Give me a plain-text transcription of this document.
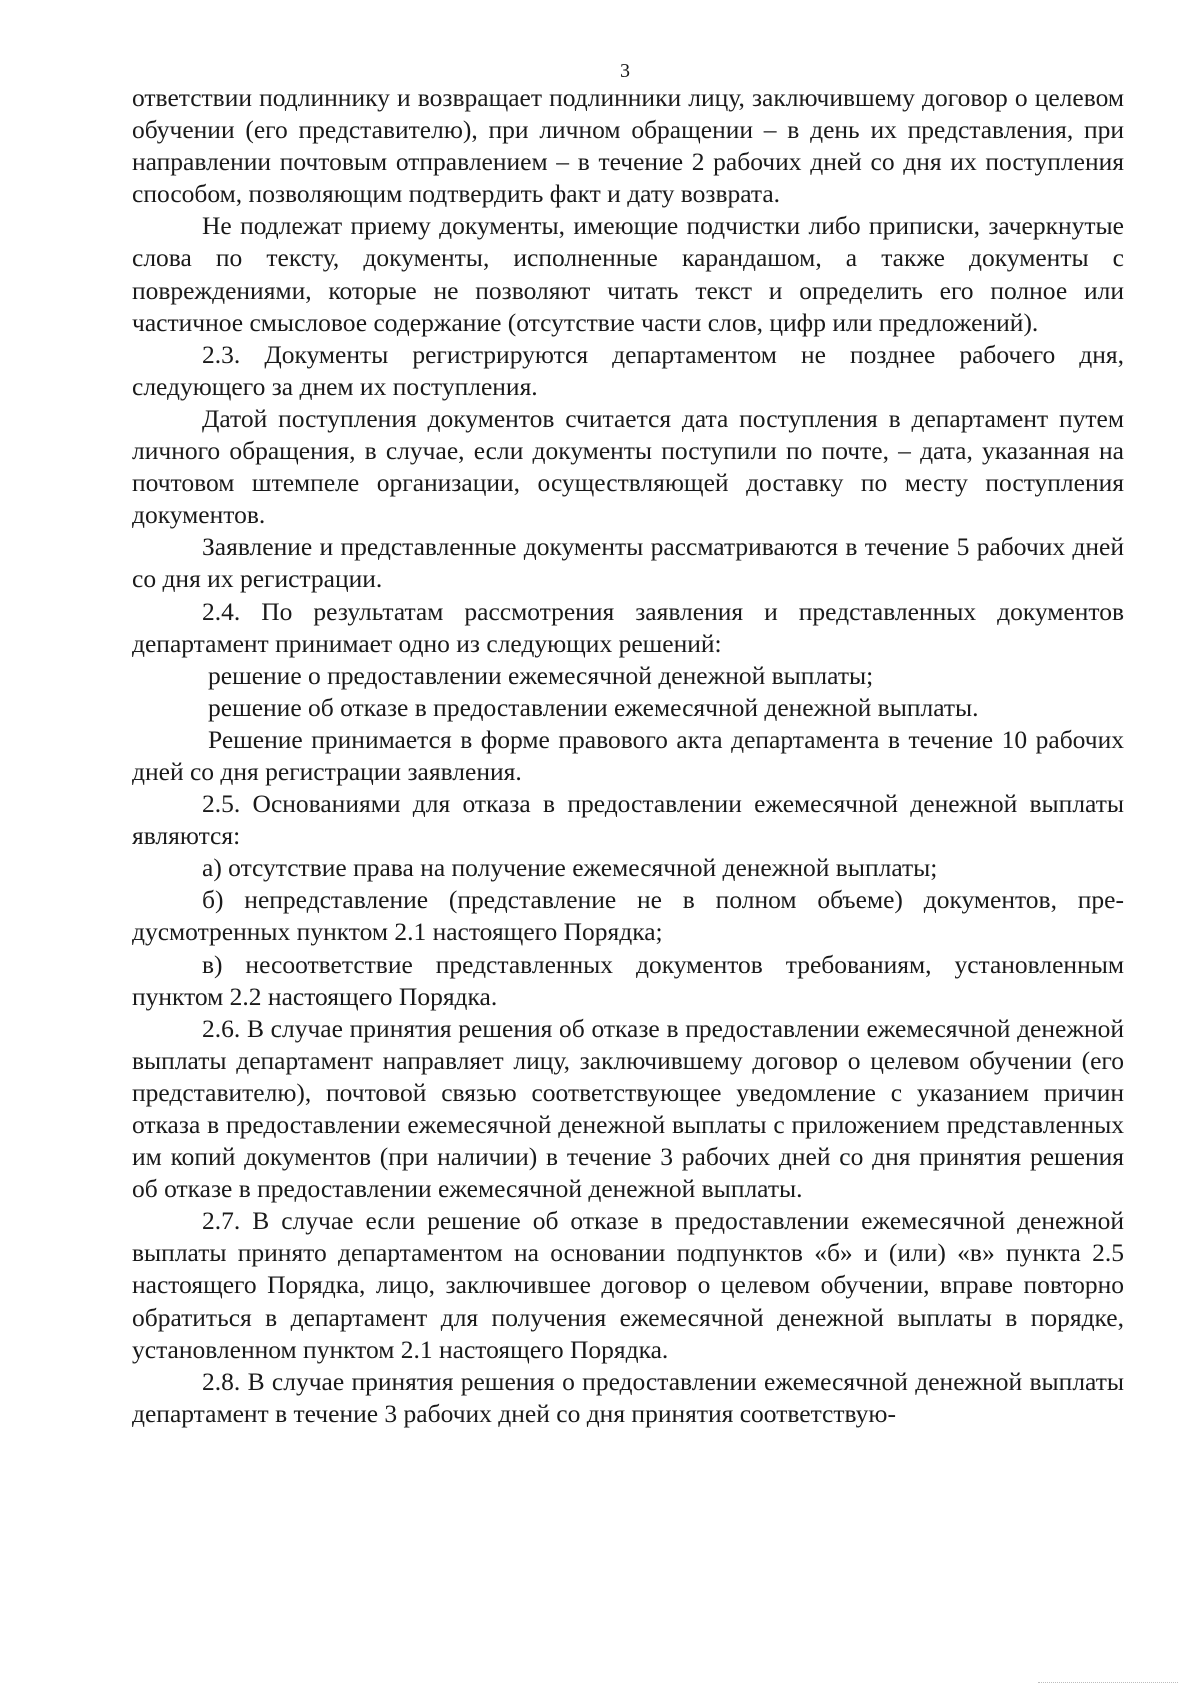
3

ответствии подлиннику и возвращает подлинники лицу, заключившему договор о целевом обучении (его представителю), при личном обращении – в день их представления, при направлении почтовым отправлением – в течение 2 рабочих дней со дня их поступления способом, позволяющим подтвердить факт и дату возврата.

Не подлежат приему документы, имеющие подчистки либо приписки, зачеркнутые слова по тексту, документы, исполненные карандашом, а также документы с повреждениями, которые не позволяют читать текст и определить его полное или частичное смысловое содержание (отсутствие части слов, цифр или предложений).

2.3. Документы регистрируются департаментом не позднее рабочего дня, следующего за днем их поступления.

Датой поступления документов считается дата поступления в департамент путем личного обращения, в случае, если документы поступили по почте, – дата, указанная на почтовом штемпеле организации, осуществляющей доставку по месту поступления документов.

Заявление и представленные документы рассматриваются в течение 5 рабочих дней со дня их регистрации.

2.4. По результатам рассмотрения заявления и представленных документов департамент принимает одно из следующих решений:

решение о предоставлении ежемесячной денежной выплаты;

решение об отказе в предоставлении ежемесячной денежной выплаты.

Решение принимается в форме правового акта департамента в течение 10 рабочих дней со дня регистрации заявления.

2.5. Основаниями для отказа в предоставлении ежемесячной денежной выплаты являются:

а) отсутствие права на получение ежемесячной денежной выплаты;

б) непредставление (представление не в полном объеме) документов, предусмотренных пунктом 2.1 настоящего Порядка;

в) несоответствие представленных документов требованиям, установленным пунктом 2.2 настоящего Порядка.

2.6. В случае принятия решения об отказе в предоставлении ежемесячной денежной выплаты департамент направляет лицу, заключившему договор о целевом обучении (его представителю), почтовой связью соответствующее уведомление с указанием причин отказа в предоставлении ежемесячной денежной выплаты с приложением представленных им копий документов (при наличии) в течение 3 рабочих дней со дня принятия решения об отказе в предоставлении ежемесячной денежной выплаты.

2.7. В случае если решение об отказе в предоставлении ежемесячной денежной выплаты принято департаментом на основании подпунктов «б» и (или) «в» пункта 2.5 настоящего Порядка, лицо, заключившее договор о целевом обучении, вправе повторно обратиться в департамент для получения ежемесячной денежной выплаты в порядке, установленном пунктом 2.1 настоящего Порядка.

2.8. В случае принятия решения о предоставлении ежемесячной денежной выплаты департамент в течение 3 рабочих дней со дня принятия соответствую-
